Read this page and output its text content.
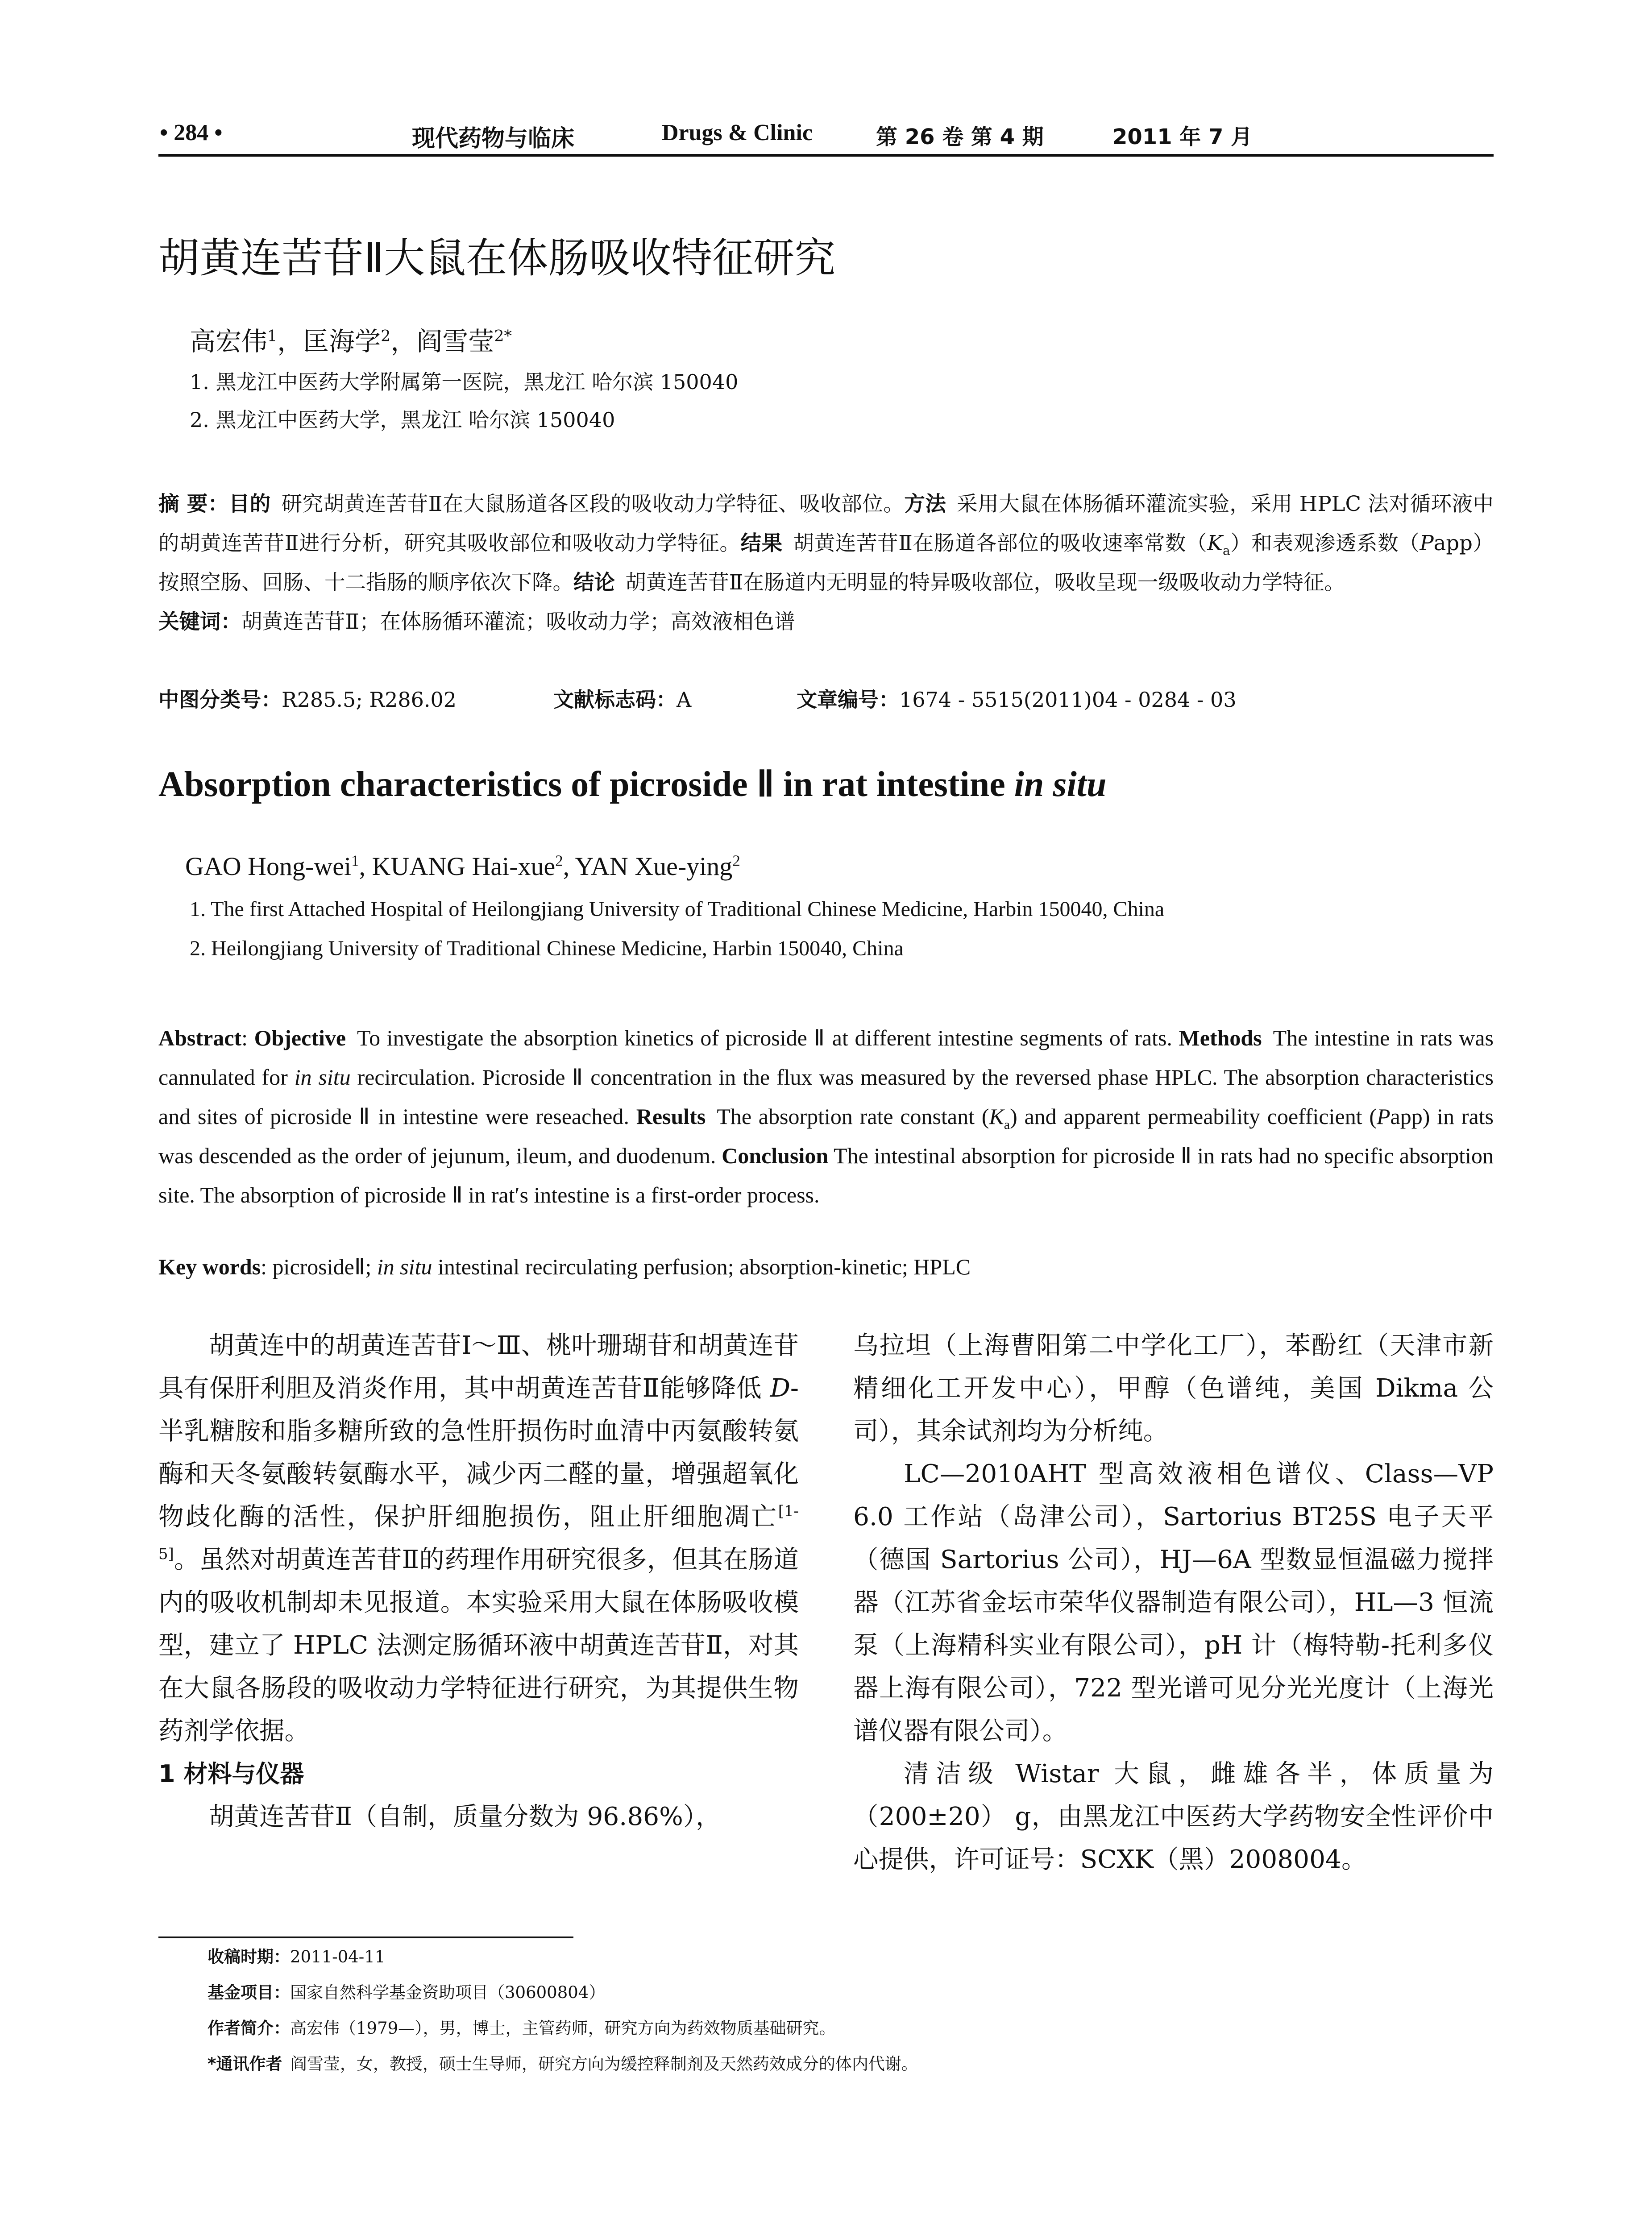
• 284 •	现代药物与临床	Drugs & Clinic	第 26 卷 第 4 期	2011 年 7 月
胡黄连苦苷Ⅱ大鼠在体肠吸收特征研究
高宏伟$^1$，匡海学$^2$，阎雪莹$^{2*}$
1. 黑龙江中医药大学附属第一医院，黑龙江 哈尔滨 150040
2. 黑龙江中医药大学，黑龙江 哈尔滨 150040

摘 要：目的  研究胡黄连苦苷Ⅱ在大鼠肠道各区段的吸收动力学特征、吸收部位。方法  采用大鼠在体肠循环灌流实验，采用 HPLC 法对循环液中的胡黄连苦苷Ⅱ进行分析，研究其吸收部位和吸收动力学特征。结果  胡黄连苦苷Ⅱ在肠道各部位的吸收速率常数$(K_a)$和表观渗透系数（Papp）按照空肠、回肠、十二指肠的顺序依次下降。结论  胡黄连苦苷Ⅱ在肠道内无明显的特异吸收部位，吸收呈现一级吸收动力学特征。
关键词：胡黄连苦苷Ⅱ；在体肠循环灌流；吸收动力学；高效液相色谱

中图分类号：R285.5; R286.02	文献标志码：A	文章编号：1674 - 5515(2011)04 - 0284 - 03
Absorption characteristics of picroside Ⅱ in rat intestine in situ
GAO Hong-wei$^1$, KUANG Hai-xue$^2$, YAN Xue-ying$^2$
1. The first Attached Hospital of Heilongjiang University of Traditional Chinese Medicine, Harbin 150040, China
2. Heilongjiang University of Traditional Chinese Medicine, Harbin 150040, China

Abstract: Objective  To investigate the absorption kinetics of picroside Ⅱ at different intestine segments of rats. Methods  The intestine in rats was cannulated for in situ recirculation. Picroside Ⅱ concentration in the flux was measured by the reversed phase HPLC. The absorption characteristics and sites of picroside Ⅱ in intestine were reseached. Results  The absorption rate constant $(K_a)$ and apparent permeability coefficient (Papp) in rats was descended as the order of jejunum, ileum, and duodenum. Conclusion The intestinal absorption for picroside Ⅱ in rats had no specific absorption site. The absorption of picroside Ⅱ in rat′s intestine is a first-order process.

Key words: picrosideⅡ; in situ intestinal recirculating perfusion; absorption-kinetic; HPLC

胡黄连中的胡黄连苦苷Ⅰ～Ⅲ、桃叶珊瑚苷和胡黄连苷具有保肝利胆及消炎作用，其中胡黄连苦苷Ⅱ能够降低 D-半乳糖胺和脂多糖所致的急性肝损伤时血清中丙氨酸转氨酶和天冬氨酸转氨酶水平，减少丙二醛的量，增强超氧化物歧化酶的活性，保护肝细胞损伤，阻止肝细胞凋亡[1-5]。虽然对胡黄连苦苷Ⅱ的药理作用研究很多，但其在肠道内的吸收机制却未见报道。本实验采用大鼠在体肠吸收模型，建立了 HPLC 法测定肠循环液中胡黄连苦苷Ⅱ，对其在大鼠各肠段的吸收动力学特征进行研究，为其提供生物药剂学依据。

1 材料与仪器

胡黄连苦苷Ⅱ（自制，质量分数为 96.86%），

乌拉坦（上海曹阳第二中学化工厂），苯酚红（天津市新精细化工开发中心），甲醇（色谱纯，美国 Dikma 公司），其余试剂均为分析纯。

LC—2010AHT 型高效液相色谱仪、Class—VP 6.0 工作站（岛津公司），Sartorius BT25S 电子天平（德国 Sartorius 公司），HJ—6A 型数显恒温磁力搅拌器（江苏省金坛市荣华仪器制造有限公司），HL—3 恒流泵（上海精科实业有限公司），pH 计（梅特勒-托利多仪器上海有限公司），722 型光谱可见分光光度计（上海光谱仪器有限公司）。

清洁级 Wistar 大鼠，雌雄各半，体质量为（200±20） g，由黑龙江中医药大学药物安全性评价中心提供，许可证号：SCXK（黑）2008004。

收稿时期：2011-04-11
基金项目：国家自然科学基金资助项目（30600804）
作者简介：高宏伟（1979—），男，博士，主管药师，研究方向为药效物质基础研究。
*通讯作者  阎雪莹，女，教授，硕士生导师，研究方向为缓控释制剂及天然药效成分的体内代谢。
